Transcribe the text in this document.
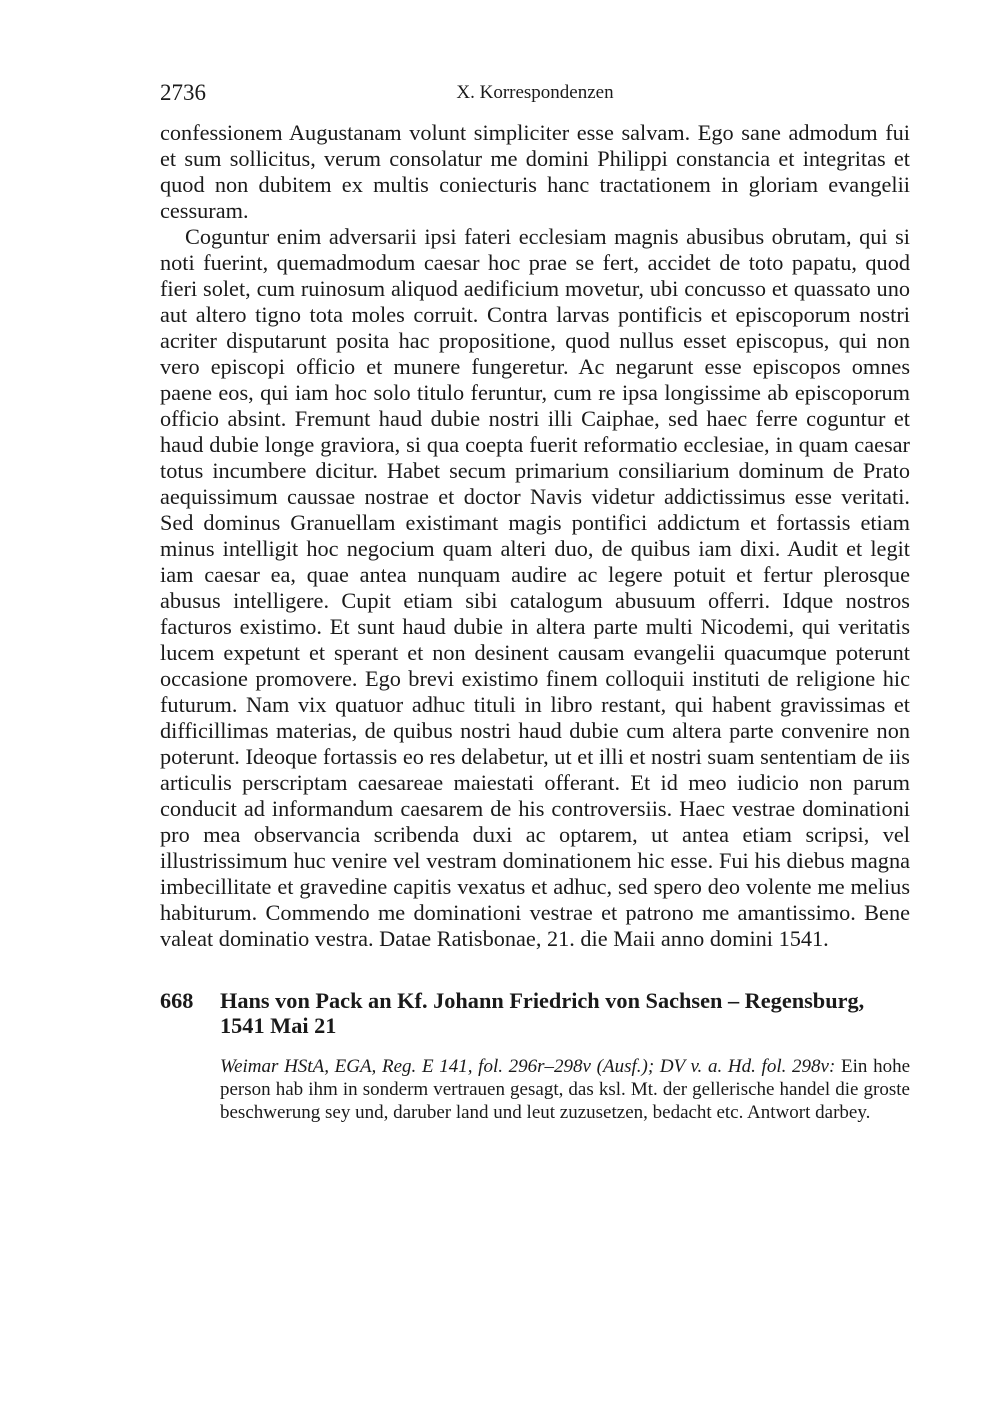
2736	X. Korrespondenzen

confessionem Augustanam volunt simpliciter esse salvam. Ego sane admodum fui et sum sollicitus, verum consolatur me domini Philippi constancia et integritas et quod non dubitem ex multis coniecturis hanc tractationem in gloriam evangelii cessuram.

Coguntur enim adversarii ipsi fateri ecclesiam magnis abusibus obrutam, qui si noti fuerint, quemadmodum caesar hoc prae se fert, accidet de toto papatu, quod fieri solet, cum ruinosum aliquod aedificium movetur, ubi concusso et quassato uno aut altero tigno tota moles corruit. Contra larvas pontificis et episcoporum nostri acriter disputarunt posita hac propositione, quod nullus esset episcopus, qui non vero episcopi officio et munere fungeretur. Ac negarunt esse episcopos omnes paene eos, qui iam hoc solo titulo feruntur, cum re ipsa longissime ab episcoporum officio absint. Fremunt haud dubie nostri illi Caiphae, sed haec ferre coguntur et haud dubie longe graviora, si qua coepta fuerit reformatio ecclesiae, in quam caesar totus incumbere dicitur. Habet secum primarium consiliarium dominum de Prato aequissimum caussae nostrae et doctor Navis videtur addictissimus esse veritati. Sed dominus Granuellam existimant magis pontifici addictum et fortassis etiam minus intelligit hoc negocium quam alteri duo, de quibus iam dixi. Audit et legit iam caesar ea, quae antea nunquam audire ac legere potuit et fertur plerosque abusus intelligere. Cupit etiam sibi catalogum abusuum offerri. Idque nostros facturos existimo. Et sunt haud dubie in altera parte multi Nicodemi, qui veritatis lucem expetunt et sperant et non desinent causam evangelii quacumque poterunt occasione promovere. Ego brevi existimo finem colloquii instituti de religione hic futurum. Nam vix quatuor adhuc tituli in libro restant, qui habent gravissimas et difficillimas materias, de quibus nostri haud dubie cum altera parte convenire non poterunt. Ideoque fortassis eo res delabetur, ut et illi et nostri suam sententiam de iis articulis perscriptam caesareae maiestati offerant. Et id meo iudicio non parum conducit ad informandum caesarem de his controversiis. Haec vestrae dominationi pro mea observancia scribenda duxi ac optarem, ut antea etiam scripsi, vel illustrissimum huc venire vel vestram dominationem hic esse. Fui his diebus magna imbecillitate et gravedine capitis vexatus et adhuc, sed spero deo volente me melius habiturum. Commendo me dominationi vestrae et patrono me amantissimo. Bene valeat dominatio vestra. Datae Ratisbonae, 21. die Maii anno domini 1541.

668	Hans von Pack an Kf. Johann Friedrich von Sachsen – Regensburg, 1541 Mai 21
Weimar HStA, EGA, Reg. E 141, fol. 296r–298v (Ausf.); DV v. a. Hd. fol. 298v: Ein hohe person hab ihm in sonderm vertrauen gesagt, das ksl. Mt. der gellerische handel die groste beschwerung sey und, daruber land und leut zuzusetzen, bedacht etc. Antwort darbey.
